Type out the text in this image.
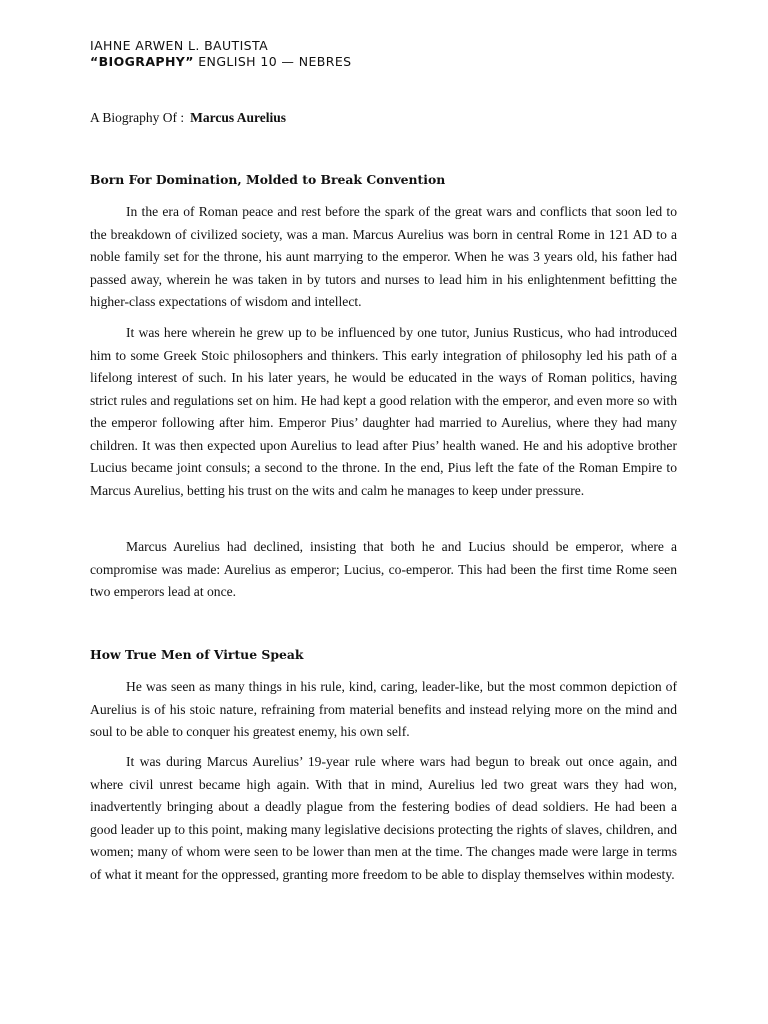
IAHNE ARWEN L. BAUTISTA
“BIOGRAPHY” ENGLISH 10 — NEBRES
A Biography Of : Marcus Aurelius
Born For Domination, Molded to Break Convention

In the era of Roman peace and rest before the spark of the great wars and conflicts that soon led to the breakdown of civilized society, was a man. Marcus Aurelius was born in central Rome in 121 AD to a noble family set for the throne, his aunt marrying to the emperor. When he was 3 years old, his father had passed away, wherein he was taken in by tutors and nurses to lead him in his enlightenment befitting the higher-class expectations of wisdom and intellect.

It was here wherein he grew up to be influenced by one tutor, Junius Rusticus, who had introduced him to some Greek Stoic philosophers and thinkers. This early integration of philosophy led his path of a lifelong interest of such. In his later years, he would be educated in the ways of Roman politics, having strict rules and regulations set on him. He had kept a good relation with the emperor, and even more so with the emperor following after him. Emperor Pius’ daughter had married to Aurelius, where they had many children. It was then expected upon Aurelius to lead after Pius’ health waned. He and his adoptive brother Lucius became joint consuls; a second to the throne. In the end, Pius left the fate of the Roman Empire to Marcus Aurelius, betting his trust on the wits and calm he manages to keep under pressure.

Marcus Aurelius had declined, insisting that both he and Lucius should be emperor, where a compromise was made: Aurelius as emperor; Lucius, co-emperor. This had been the first time Rome seen two emperors lead at once.

How True Men of Virtue Speak

He was seen as many things in his rule, kind, caring, leader-like, but the most common depiction of Aurelius is of his stoic nature, refraining from material benefits and instead relying more on the mind and soul to be able to conquer his greatest enemy, his own self.

It was during Marcus Aurelius’ 19-year rule where wars had begun to break out once again, and where civil unrest became high again. With that in mind, Aurelius led two great wars they had won, inadvertently bringing about a deadly plague from the festering bodies of dead soldiers. He had been a good leader up to this point, making many legislative decisions protecting the rights of slaves, children, and women; many of whom were seen to be lower than men at the time. The changes made were large in terms of what it meant for the oppressed, granting more freedom to be able to display themselves within modesty.
